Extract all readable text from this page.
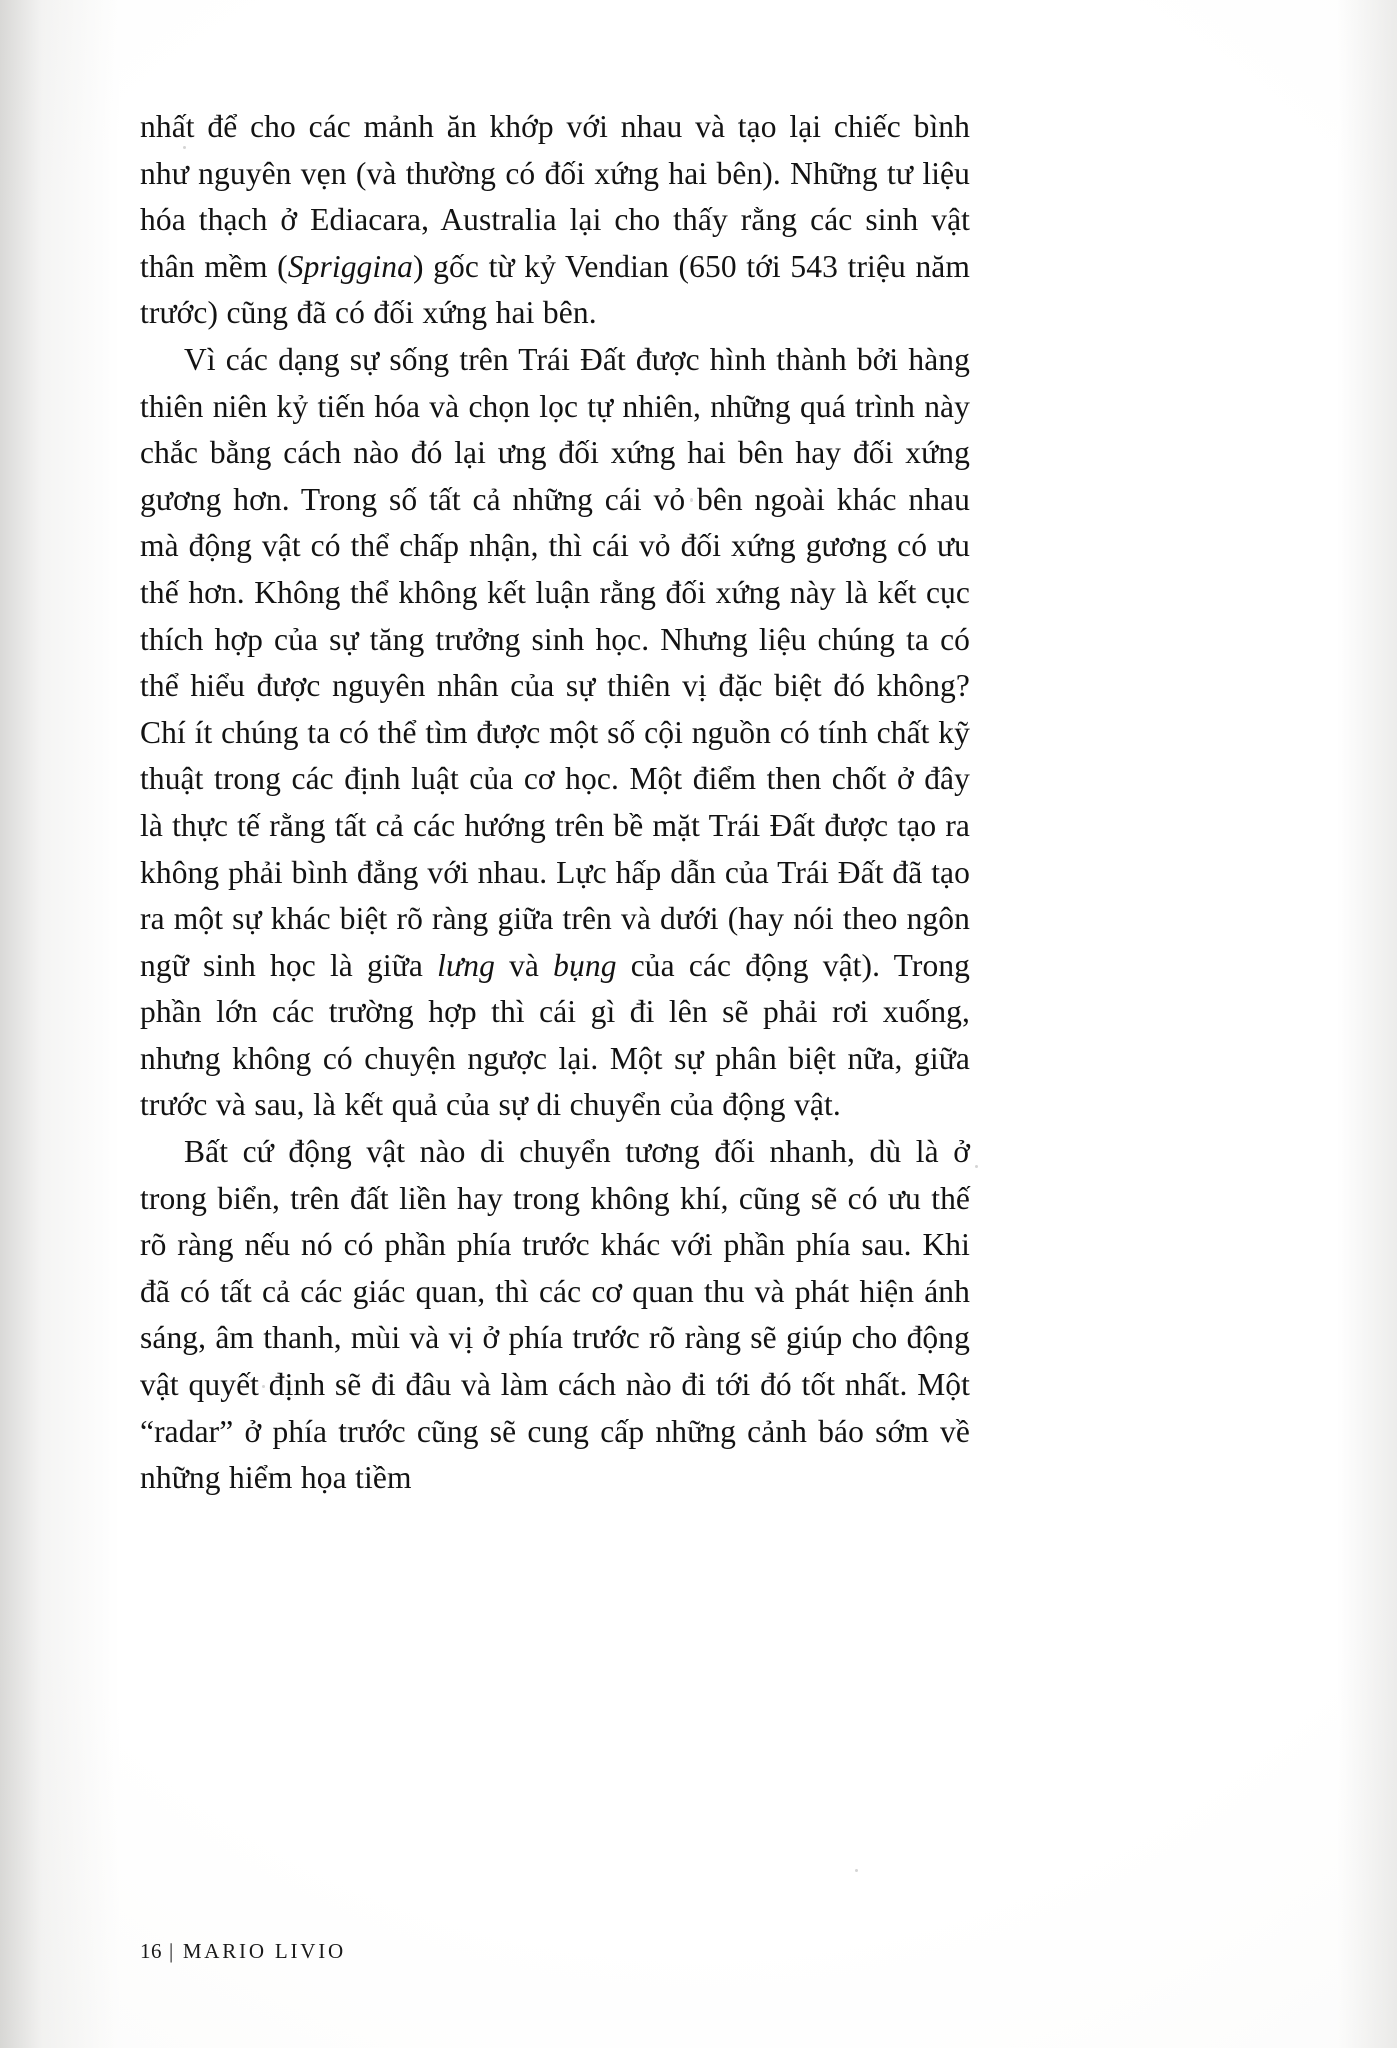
nhất để cho các mảnh ăn khớp với nhau và tạo lại chiếc bình như nguyên vẹn (và thường có đối xứng hai bên). Những tư liệu hóa thạch ở Ediacara, Australia lại cho thấy rằng các sinh vật thân mềm (Spriggina) gốc từ kỷ Vendian (650 tới 543 triệu năm trước) cũng đã có đối xứng hai bên.

Vì các dạng sự sống trên Trái Đất được hình thành bởi hàng thiên niên kỷ tiến hóa và chọn lọc tự nhiên, những quá trình này chắc bằng cách nào đó lại ưng đối xứng hai bên hay đối xứng gương hơn. Trong số tất cả những cái vỏ bên ngoài khác nhau mà động vật có thể chấp nhận, thì cái vỏ đối xứng gương có ưu thế hơn. Không thể không kết luận rằng đối xứng này là kết cục thích hợp của sự tăng trưởng sinh học. Nhưng liệu chúng ta có thể hiểu được nguyên nhân của sự thiên vị đặc biệt đó không? Chí ít chúng ta có thể tìm được một số cội nguồn có tính chất kỹ thuật trong các định luật của cơ học. Một điểm then chốt ở đây là thực tế rằng tất cả các hướng trên bề mặt Trái Đất được tạo ra không phải bình đẳng với nhau. Lực hấp dẫn của Trái Đất đã tạo ra một sự khác biệt rõ ràng giữa trên và dưới (hay nói theo ngôn ngữ sinh học là giữa lưng và bụng của các động vật). Trong phần lớn các trường hợp thì cái gì đi lên sẽ phải rơi xuống, nhưng không có chuyện ngược lại. Một sự phân biệt nữa, giữa trước và sau, là kết quả của sự di chuyển của động vật.

Bất cứ động vật nào di chuyển tương đối nhanh, dù là ở trong biển, trên đất liền hay trong không khí, cũng sẽ có ưu thế rõ ràng nếu nó có phần phía trước khác với phần phía sau. Khi đã có tất cả các giác quan, thì các cơ quan thu và phát hiện ánh sáng, âm thanh, mùi và vị ở phía trước rõ ràng sẽ giúp cho động vật quyết định sẽ đi đâu và làm cách nào đi tới đó tốt nhất. Một “radar” ở phía trước cũng sẽ cung cấp những cảnh báo sớm về những hiểm họa tiềm

16 | MARIO LIVIO
